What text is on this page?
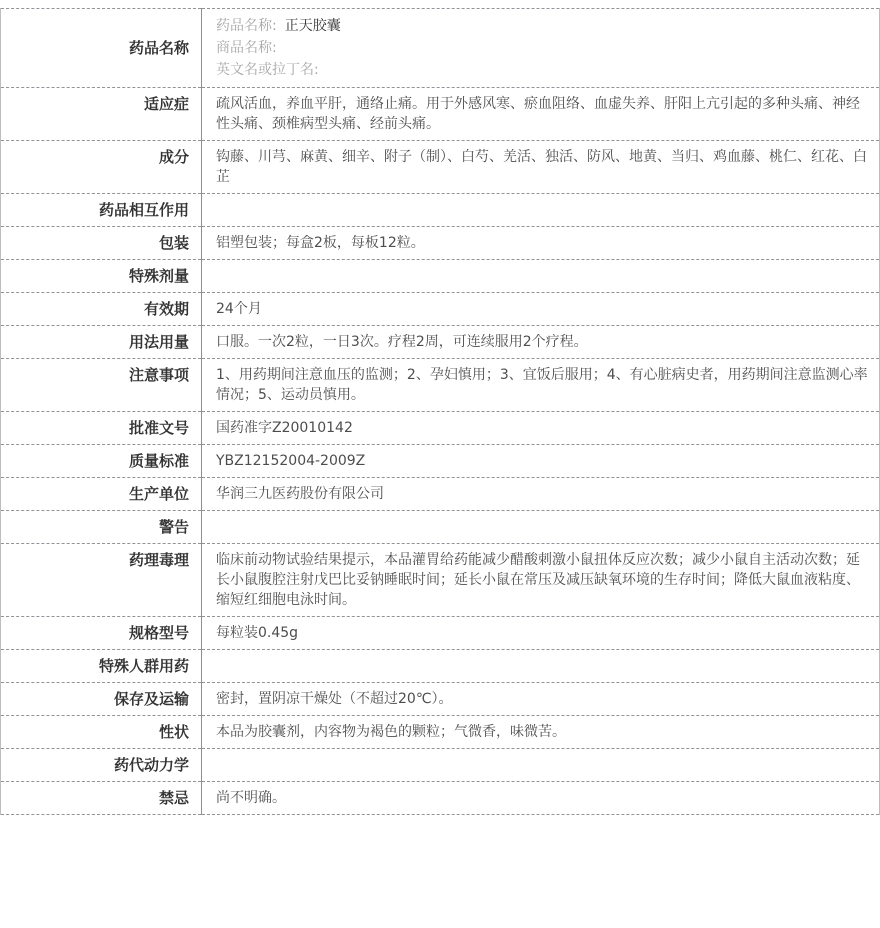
药品名称	药品名称: 正天胶囊
商品名称:
英文名或拉丁名:

适应症	疏风活血，养血平肝，通络止痛。用于外感风寒、瘀血阻络、血虚失养、肝阳上亢引起的多种头痛、神经性头痛、颈椎病型头痛、经前头痛。
成分	钩藤、川芎、麻黄、细辛、附子（制）、白芍、羌活、独活、防风、地黄、当归、鸡血藤、桃仁、红花、白芷
药品相互作用	
包装	铝塑包装；每盒2板，每板12粒。
特殊剂量	
有效期	24个月
用法用量	口服。一次2粒，一日3次。疗程2周，可连续服用2个疗程。
注意事项	1、用药期间注意血压的监测；2、孕妇慎用；3、宜饭后服用；4、有心脏病史者，用药期间注意监测心率情况；5、运动员慎用。
批准文号	国药准字Z20010142
质量标准	YBZ12152004-2009Z
生产单位	华润三九医药股份有限公司
警告	
药理毒理	临床前动物试验结果提示，本品灌胃给药能减少醋酸刺激小鼠扭体反应次数；减少小鼠自主活动次数；延长小鼠腹腔注射戊巴比妥钠睡眠时间；延长小鼠在常压及减压缺氧环境的生存时间；降低大鼠血液粘度、缩短红细胞电泳时间。
规格型号	每粒装0.45g
特殊人群用药	
保存及运输	密封，置阴凉干燥处（不超过20℃）。
性状	本品为胶囊剂，内容物为褐色的颗粒；气微香，味微苦。
药代动力学	
禁忌	尚不明确。
